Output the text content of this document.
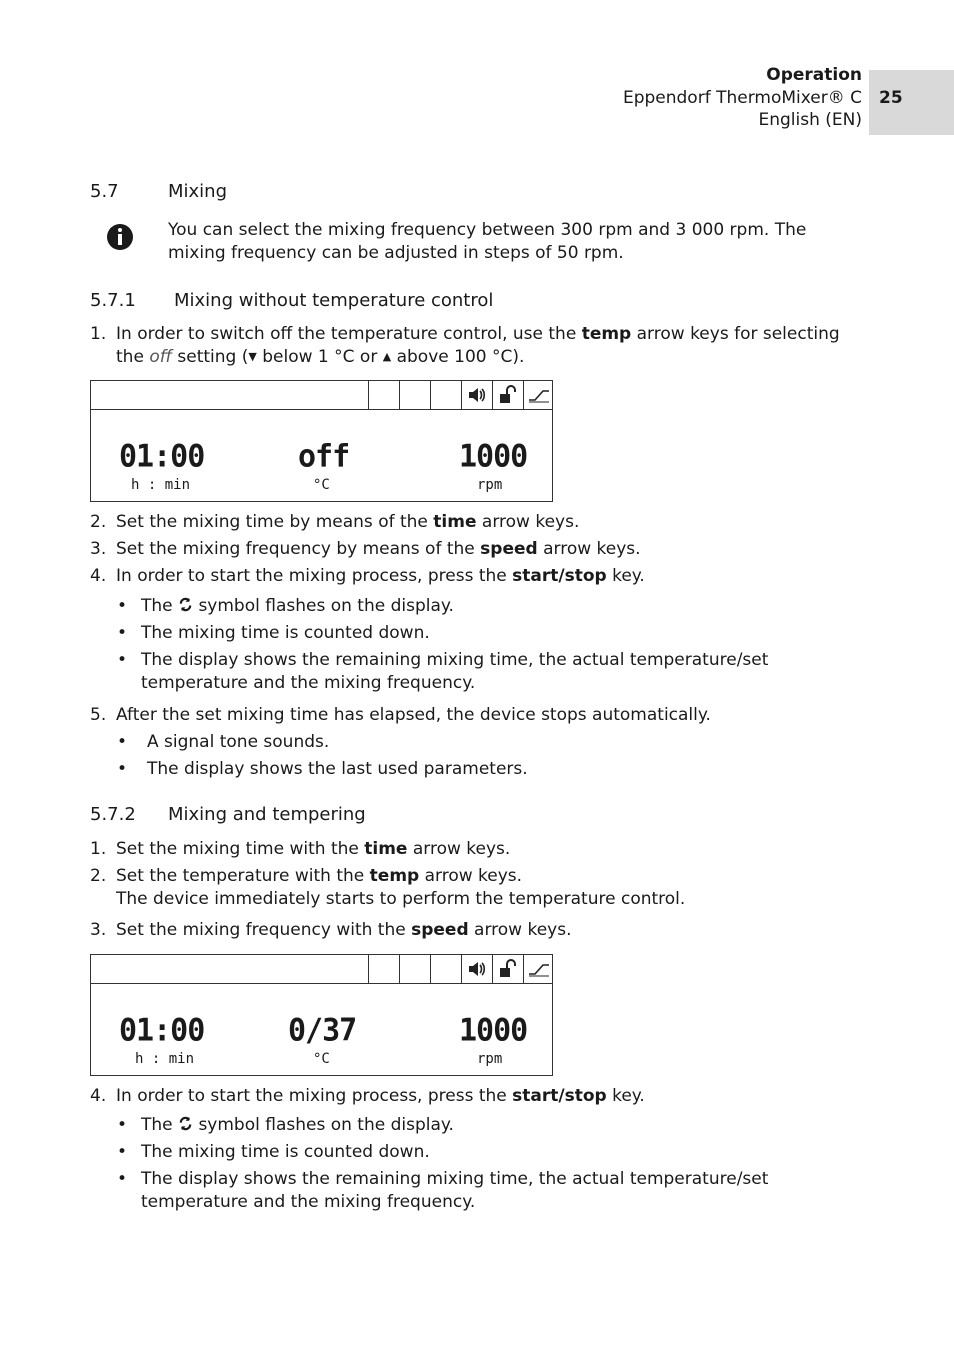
Operation
Eppendorf ThermoMixer® C
English (EN)
25
5.7	Mixing
You can select the mixing frequency between 300 rpm and 3 000 rpm. The
mixing frequency can be adjusted in steps of 50 rpm.
5.7.1 Mixing without temperature control
1. In order to switch off the temperature control, use the temp arrow keys for selecting
the off setting (▼ below 1 °C or ▲ above 100 °C).
01:00
h : min
off
°C
1000
rpm
2. Set the mixing time by means of the time arrow keys.
3. Set the mixing frequency by means of the speed arrow keys.
4. In order to start the mixing process, press the start/stop key.
• The  symbol flashes on the display.
• The mixing time is counted down.
• The display shows the remaining mixing time, the actual temperature/set
temperature and the mixing frequency.
5. After the set mixing time has elapsed, the device stops automatically.
• A signal tone sounds.
• The display shows the last used parameters.
5.7.2 Mixing and tempering
1. Set the mixing time with the time arrow keys.
2. Set the temperature with the temp arrow keys.
The device immediately starts to perform the temperature control.
3. Set the mixing frequency with the speed arrow keys.
01:00
h : min
0/37
°C
1000
rpm
4. In order to start the mixing process, press the start/stop key.
• The  symbol flashes on the display.
• The mixing time is counted down.
• The display shows the remaining mixing time, the actual temperature/set
temperature and the mixing frequency.
